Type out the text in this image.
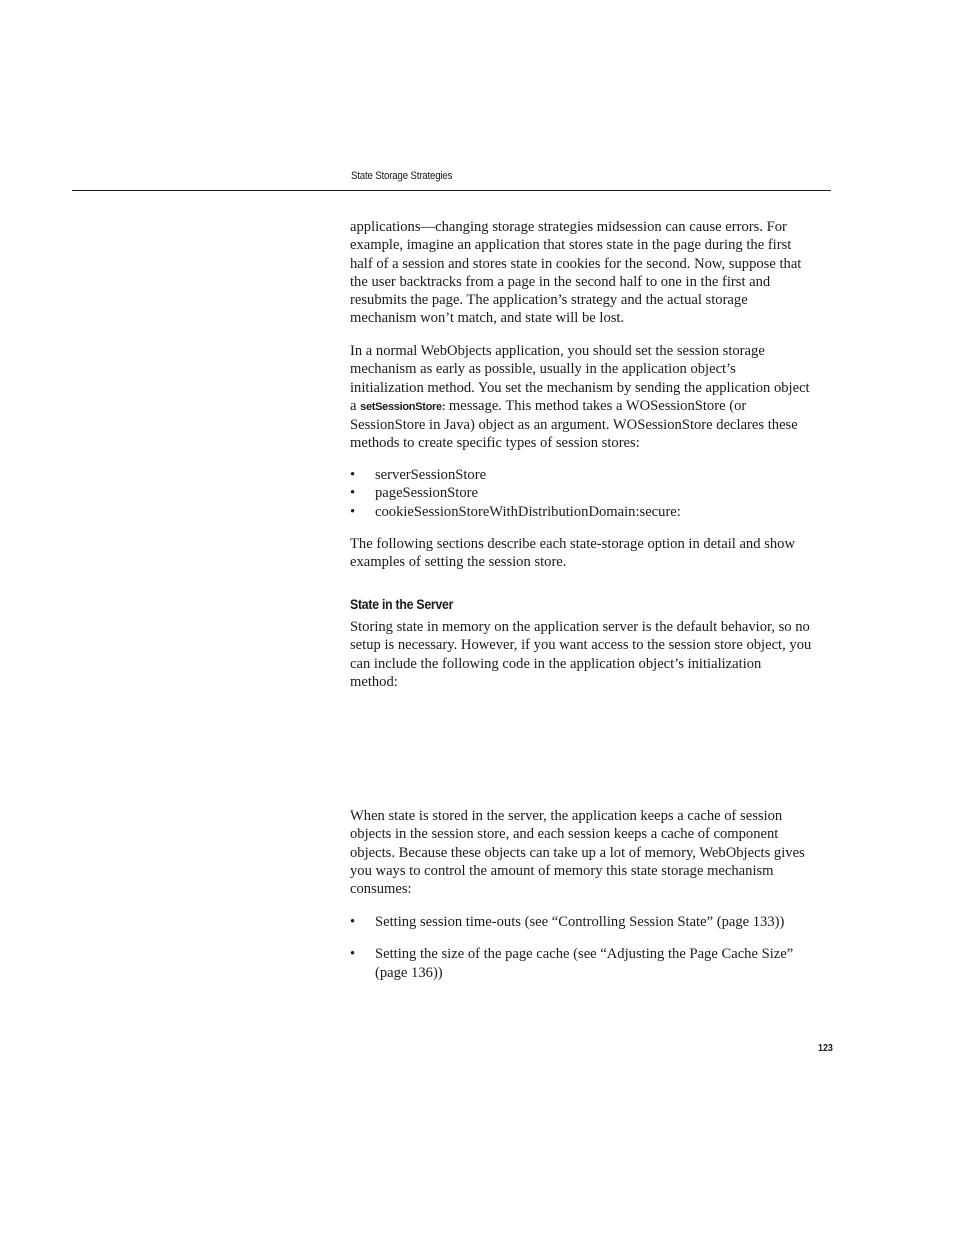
State Storage Strategies

applications—changing storage strategies midsession can cause errors. For example, imagine an application that stores state in the page during the first half of a session and stores state in cookies for the second. Now, suppose that the user backtracks from a page in the second half to one in the first and resubmits the page. The application’s strategy and the actual storage mechanism won’t match, and state will be lost.

In a normal WebObjects application, you should set the session storage mechanism as early as possible, usually in the application object’s initialization method. You set the mechanism by sending the application object a setSessionStore: message. This method takes a WOSessionStore (or SessionStore in Java) object as an argument. WOSessionStore declares these methods to create specific types of session stores:

• serverSessionStore
• pageSessionStore
• cookieSessionStoreWithDistributionDomain:secure:

The following sections describe each state-storage option in detail and show examples of setting the session store.

State in the Server

Storing state in memory on the application server is the default behavior, so no setup is necessary. However, if you want access to the session store object, you can include the following code in the application object’s initialization method:

When state is stored in the server, the application keeps a cache of session objects in the session store, and each session keeps a cache of component objects. Because these objects can take up a lot of memory, WebObjects gives you ways to control the amount of memory this state storage mechanism consumes:

• Setting session time-outs (see “Controlling Session State” (page 133))
• Setting the size of the page cache (see “Adjusting the Page Cache Size” (page 136))
123
